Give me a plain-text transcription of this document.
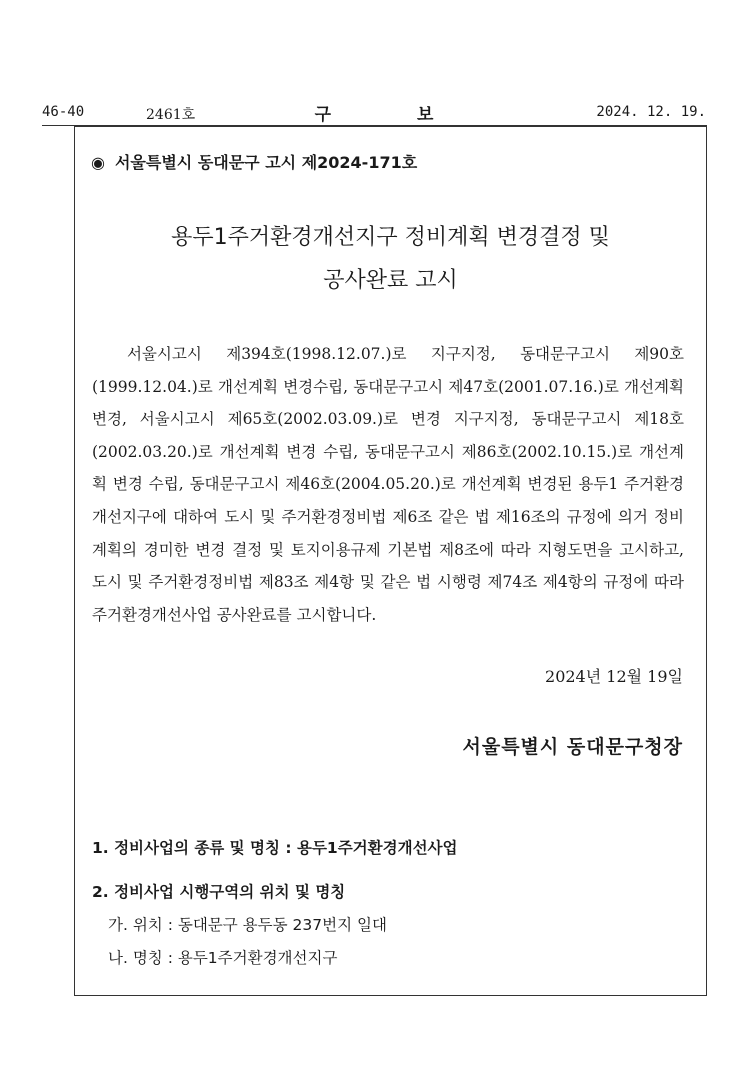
46-40	2461호	구 보	2024. 12. 19.
◉ 서울특별시 동대문구 고시 제2024-171호
용두1주거환경개선지구 정비계획 변경결정 및
공사완료 고시
　서울시고시 제394호(1998.12.07.)로 지구지정, 동대문구고시 제90호(1999.12.04.)로 개선계획 변경수립, 동대문구고시 제47호(2001.07.16.)로 개선계획 변경, 서울시고시 제65호(2002.03.09.)로 변경 지구지정, 동대문구고시 제18호(2002.03.20.)로 개선계획 변경 수립, 동대문구고시 제86호(2002.10.15.)로 개선계획 변경 수립, 동대문구고시 제46호(2004.05.20.)로 개선계획 변경된 용두1 주거환경개선지구에 대하여 도시 및 주거환경정비법 제6조 같은 법 제16조의 규정에 의거 정비계획의 경미한 변경 결정 및 토지이용규제 기본법 제8조에 따라 지형도면을 고시하고, 도시 및 주거환경정비법 제83조 제4항 및 같은 법 시행령 제74조 제4항의 규정에 따라 주거환경개선사업 공사완료를 고시합니다.
2024년 12월 19일
서울특별시 동대문구청장
1. 정비사업의 종류 및 명칭 : 용두1주거환경개선사업
2. 정비사업 시행구역의 위치 및 명칭
가. 위치 : 동대문구 용두동 237번지 일대
나. 명칭 : 용두1주거환경개선지구
